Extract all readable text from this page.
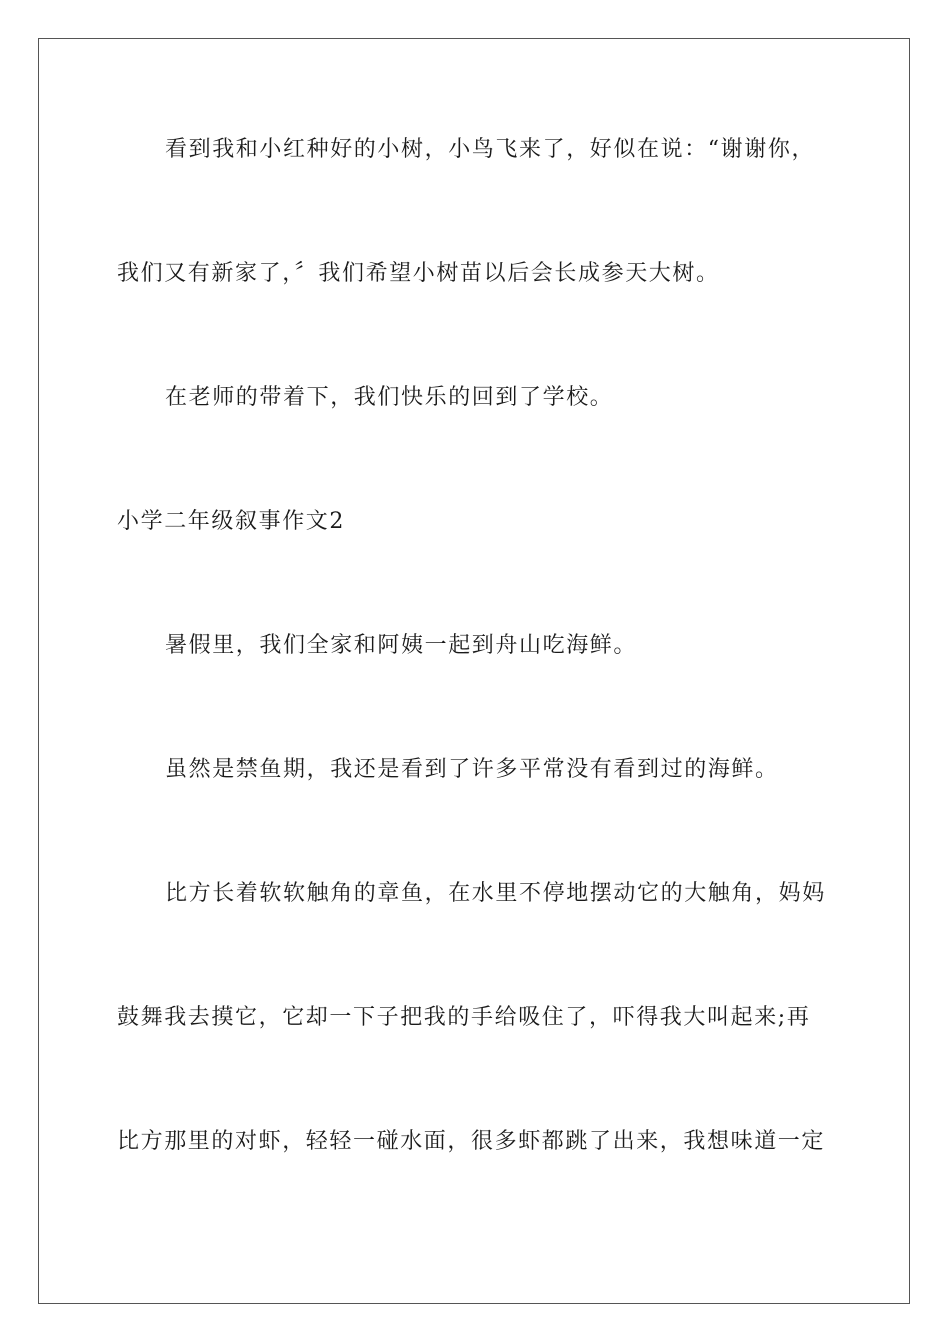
看到我和小红种好的小树，小鸟飞来了，好似在说：“谢谢你，
我们又有新家了，〞我们希望小树苗以后会长成参天大树。
在老师的带着下，我们快乐的回到了学校。
小学二年级叙事作文2
暑假里，我们全家和阿姨一起到舟山吃海鲜。
虽然是禁鱼期，我还是看到了许多平常没有看到过的海鲜。
比方长着软软触角的章鱼，在水里不停地摆动它的大触角，妈妈
鼓舞我去摸它，它却一下子把我的手给吸住了，吓得我大叫起来;再
比方那里的对虾，轻轻一碰水面，很多虾都跳了出来，我想味道一定
